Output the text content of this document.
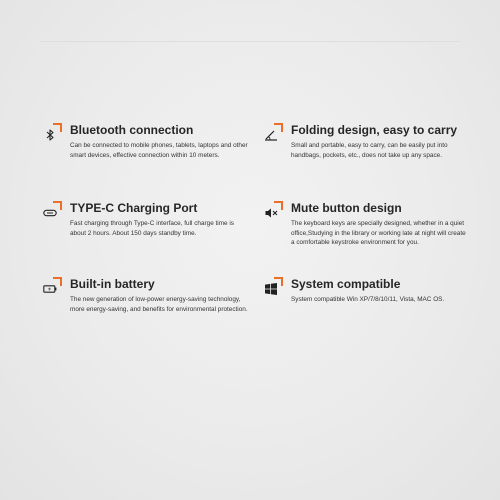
Bluetooth connection
Can be connected to mobile phones, tablets, laptops and other smart devices, effective connection within 10 meters.
Folding design, easy to carry
Small and portable, easy to carry, can be easily put into handbags, pockets, etc., does not take up any space.
TYPE-C Charging Port
Fast charging through Type-C interface, full charge time is about 2 hours. About 150 days standby time.
Mute button design
The keyboard keys are specially designed, whether in a quiet office,Studying in the library or working late at night will create a comfortable keystroke environment for you.
Built-in battery
The new generation of low-power energy-saving technology, more energy-saving, and benefits for environmental protection.
System compatible
System compatible Win XP/7/8/10/11, Vista, MAC OS.
